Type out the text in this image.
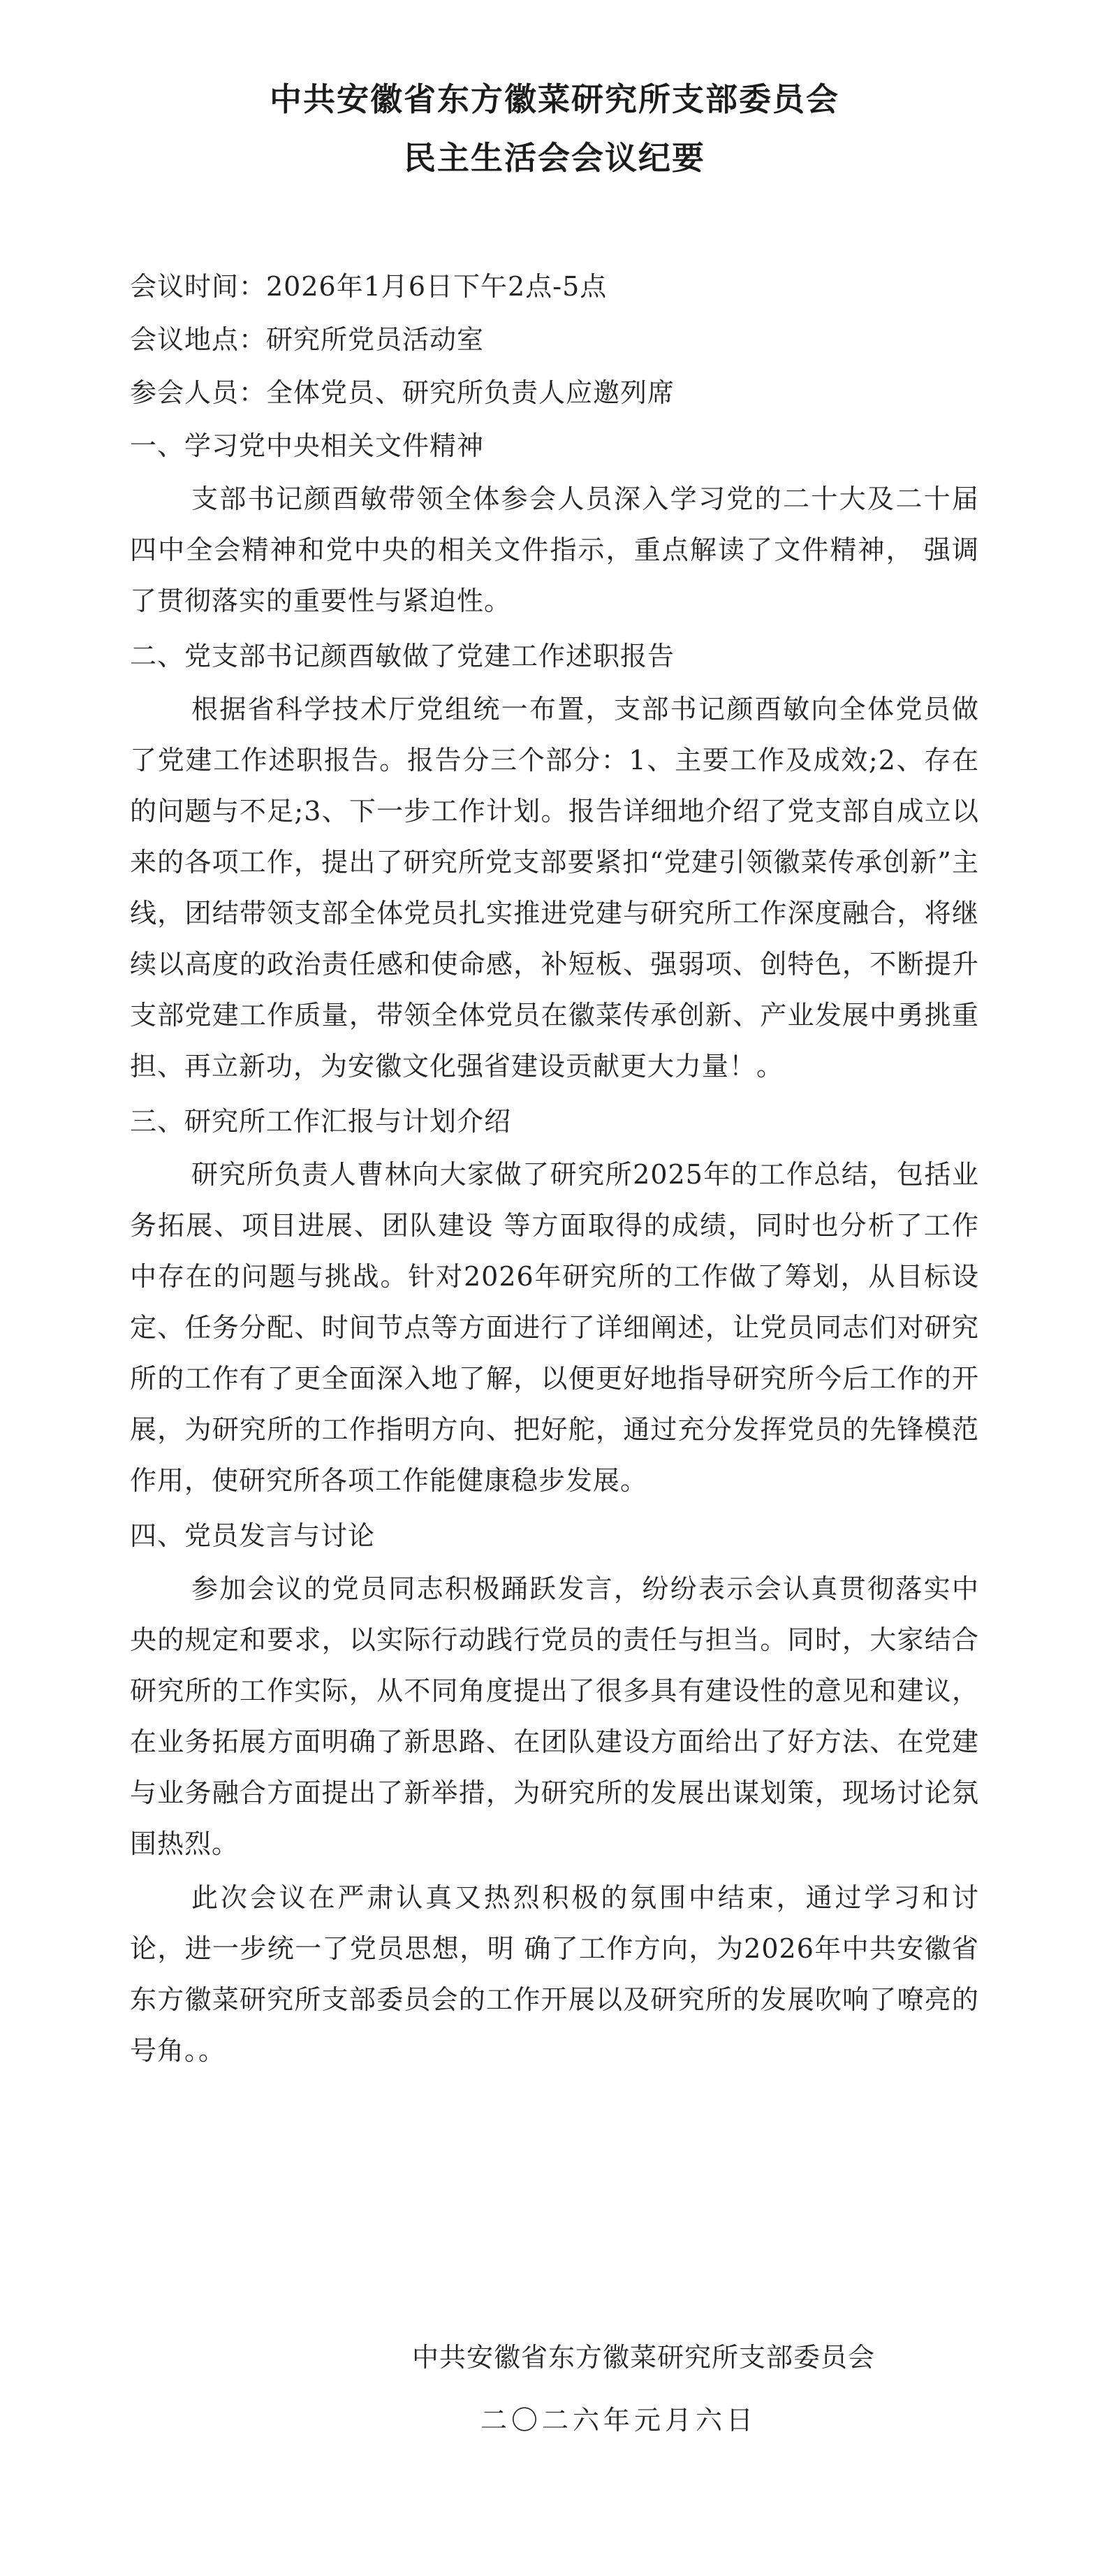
中共安徽省东方徽菜研究所支部委员会
民主生活会会议纪要
会议时间：2026年1月6日下午2点-5点
会议地点：研究所党员活动室
参会人员：全体党员、研究所负责人应邀列席
一、学习党中央相关文件精神

支部书记颜酉敏带领全体参会人员深入学习党的二十大及二十届四中全会精神和党中央的相关文件指示，重点解读了文件精神， 强调了贯彻落实的重要性与紧迫性。

二、党支部书记颜酉敏做了党建工作述职报告

根据省科学技术厅党组统一布置，支部书记颜酉敏向全体党员做了党建工作述职报告。报告分三个部分：1、主要工作及成效;2、存在的问题与不足;3、下一步工作计划。报告详细地介绍了党支部自成立以来的各项工作，提出了研究所党支部要紧扣“党建引领徽菜传承创新”主线，团结带领支部全体党员扎实推进党建与研究所工作深度融合，将继续以高度的政治责任感和使命感，补短板、强弱项、创特色，不断提升支部党建工作质量，带领全体党员在徽菜传承创新、产业发展中勇挑重担、再立新功，为安徽文化强省建设贡献更大力量！。

三、研究所工作汇报与计划介绍

研究所负责人曹林向大家做了研究所2025年的工作总结，包括业务拓展、项目进展、团队建设 等方面取得的成绩，同时也分析了工作中存在的问题与挑战。针对2026年研究所的工作做了筹划，从目标设定、任务分配、时间节点等方面进行了详细阐述，让党员同志们对研究所的工作有了更全面深入地了解，以便更好地指导研究所今后工作的开展，为研究所的工作指明方向、把好舵，通过充分发挥党员的先锋模范作用，使研究所各项工作能健康稳步发展。

四、党员发言与讨论

参加会议的党员同志积极踊跃发言，纷纷表示会认真贯彻落实中央的规定和要求，以实际行动践行党员的责任与担当。同时，大家结合研究所的工作实际，从不同角度提出了很多具有建设性的意见和建议，在业务拓展方面明确了新思路、在团队建设方面给出了好方法、在党建与业务融合方面提出了新举措，为研究所的发展出谋划策，现场讨论氛围热烈。

此次会议在严肃认真又热烈积极的氛围中结束，通过学习和讨论，进一步统一了党员思想，明 确了工作方向，为2026年中共安徽省东方徽菜研究所支部委员会的工作开展以及研究所的发展吹响了嘹亮的号角。。

中共安徽省东方徽菜研究所支部委员会
二〇二六年元月六日
